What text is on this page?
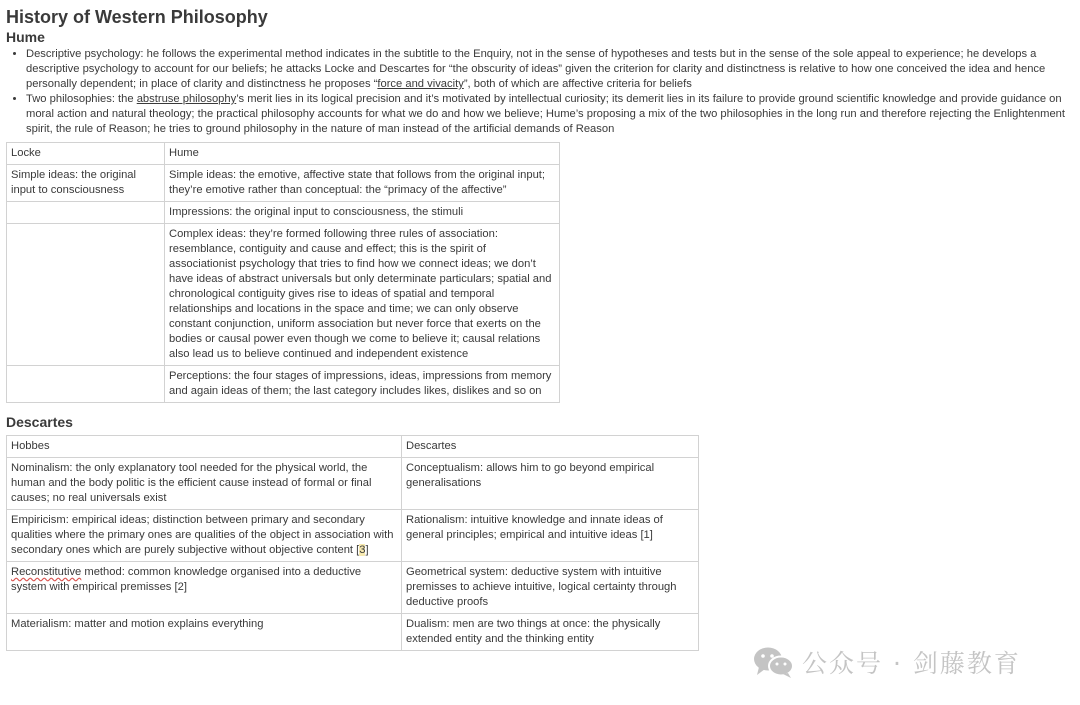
History of Western Philosophy
Hume
• Descriptive psychology: he follows the experimental method indicates in the subtitle to the Enquiry, not in the sense of hypotheses and tests but in the sense of the sole appeal to experience; he develops a descriptive psychology to account for our beliefs; he attacks Locke and Descartes for “the obscurity of ideas” given the criterion for clarity and distinctness is relative to how one conceived the idea and hence personally dependent; in place of clarity and distinctness he proposes “force and vivacity”, both of which are affective criteria for beliefs
• Two philosophies: the abstruse philosophy’s merit lies in its logical precision and it’s motivated by intellectual curiosity; its demerit lies in its failure to provide ground scientific knowledge and provide guidance on moral action and natural theology; the practical philosophy accounts for what we do and how we believe; Hume’s proposing a mix of the two philosophies in the long run and therefore rejecting the Enlightenment spirit, the rule of Reason; he tries to ground philosophy in the nature of man instead of the artificial demands of Reason
Locke	Hume
Simple ideas: the original input to consciousness	Simple ideas: the emotive, affective state that follows from the original input; they’re emotive rather than conceptual: the “primacy of the affective”
	Impressions: the original input to consciousness, the stimuli
	Complex ideas: they’re formed following three rules of association: resemblance, contiguity and cause and effect; this is the spirit of associationist psychology that tries to find how we connect ideas; we don’t have ideas of abstract universals but only determinate particulars; spatial and chronological contiguity gives rise to ideas of spatial and temporal relationships and locations in the space and time; we can only observe constant conjunction, uniform association but never force that exerts on the bodies or causal power even though we come to believe it; causal relations also lead us to believe continued and independent existence
	Perceptions: the four stages of impressions, ideas, impressions from memory and again ideas of them; the last category includes likes, dislikes and so on
Descartes
Hobbes	Descartes
Nominalism: the only explanatory tool needed for the physical world, the human and the body politic is the efficient cause instead of formal or final causes; no real universals exist	Conceptualism: allows him to go beyond empirical generalisations
Empiricism: empirical ideas; distinction between primary and secondary qualities where the primary ones are qualities of the object in association with secondary ones which are purely subjective without objective content [3]	Rationalism: intuitive knowledge and innate ideas of general principles; empirical and intuitive ideas [1]
Reconstitutive method: common knowledge organised into a deductive system with empirical premisses [2]	Geometrical system: deductive system with intuitive premisses to achieve intuitive, logical certainty through deductive proofs
Materialism: matter and motion explains everything	Dualism: men are two things at once: the physically extended entity and the thinking entity
公众号 · 剑藤教育
